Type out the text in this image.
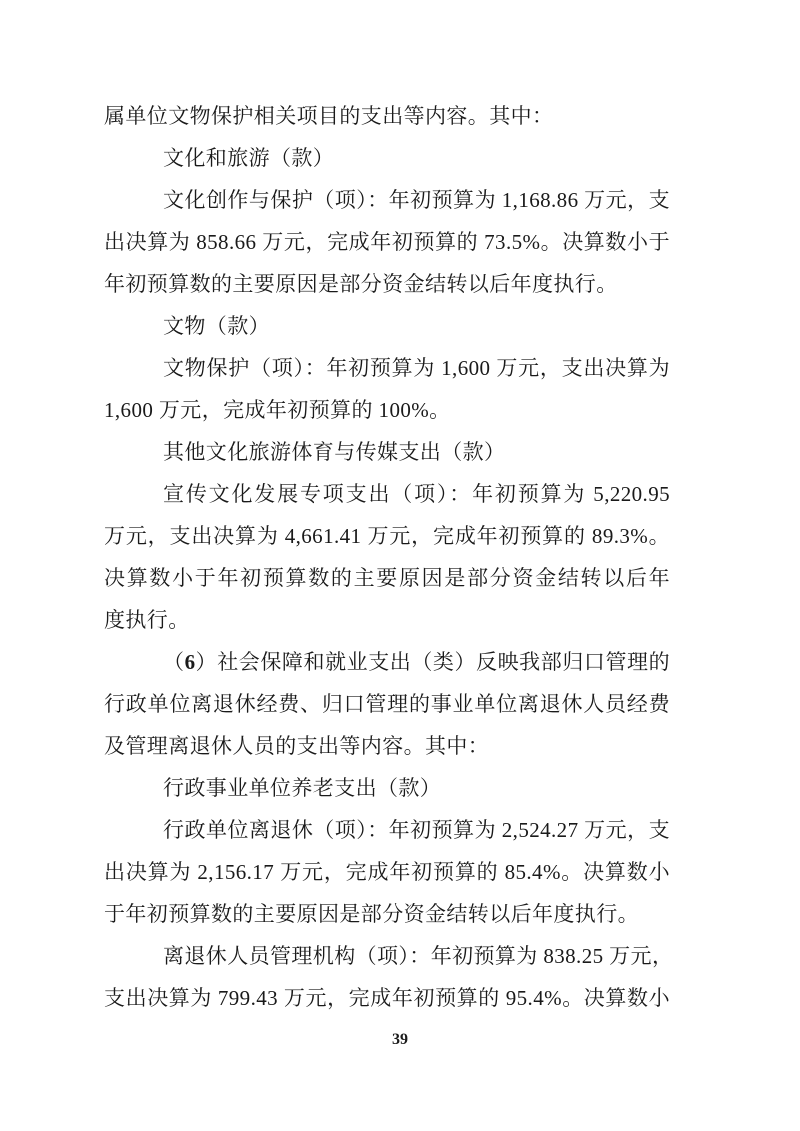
属单位文物保护相关项目的支出等内容。其中：
文化和旅游（款）
文化创作与保护（项）：年初预算为 1,168.86 万元，支
出决算为 858.66 万元，完成年初预算的 73.5%。决算数小于
年初预算数的主要原因是部分资金结转以后年度执行。
文物（款）
文物保护（项）：年初预算为 1,600 万元，支出决算为
1,600 万元，完成年初预算的 100%。
其他文化旅游体育与传媒支出（款）
宣传文化发展专项支出（项）：年初预算为 5,220.95
万元，支出决算为 4,661.41 万元，完成年初预算的 89.3%。
决算数小于年初预算数的主要原因是部分资金结转以后年
度执行。
（6）社会保障和就业支出（类）反映我部归口管理的
行政单位离退休经费、归口管理的事业单位离退休人员经费
及管理离退休人员的支出等内容。其中：
行政事业单位养老支出（款）
行政单位离退休（项）：年初预算为 2,524.27 万元，支
出决算为 2,156.17 万元，完成年初预算的 85.4%。决算数小
于年初预算数的主要原因是部分资金结转以后年度执行。
离退休人员管理机构（项）：年初预算为 838.25 万元，
支出决算为 799.43 万元，完成年初预算的 95.4%。决算数小
39
